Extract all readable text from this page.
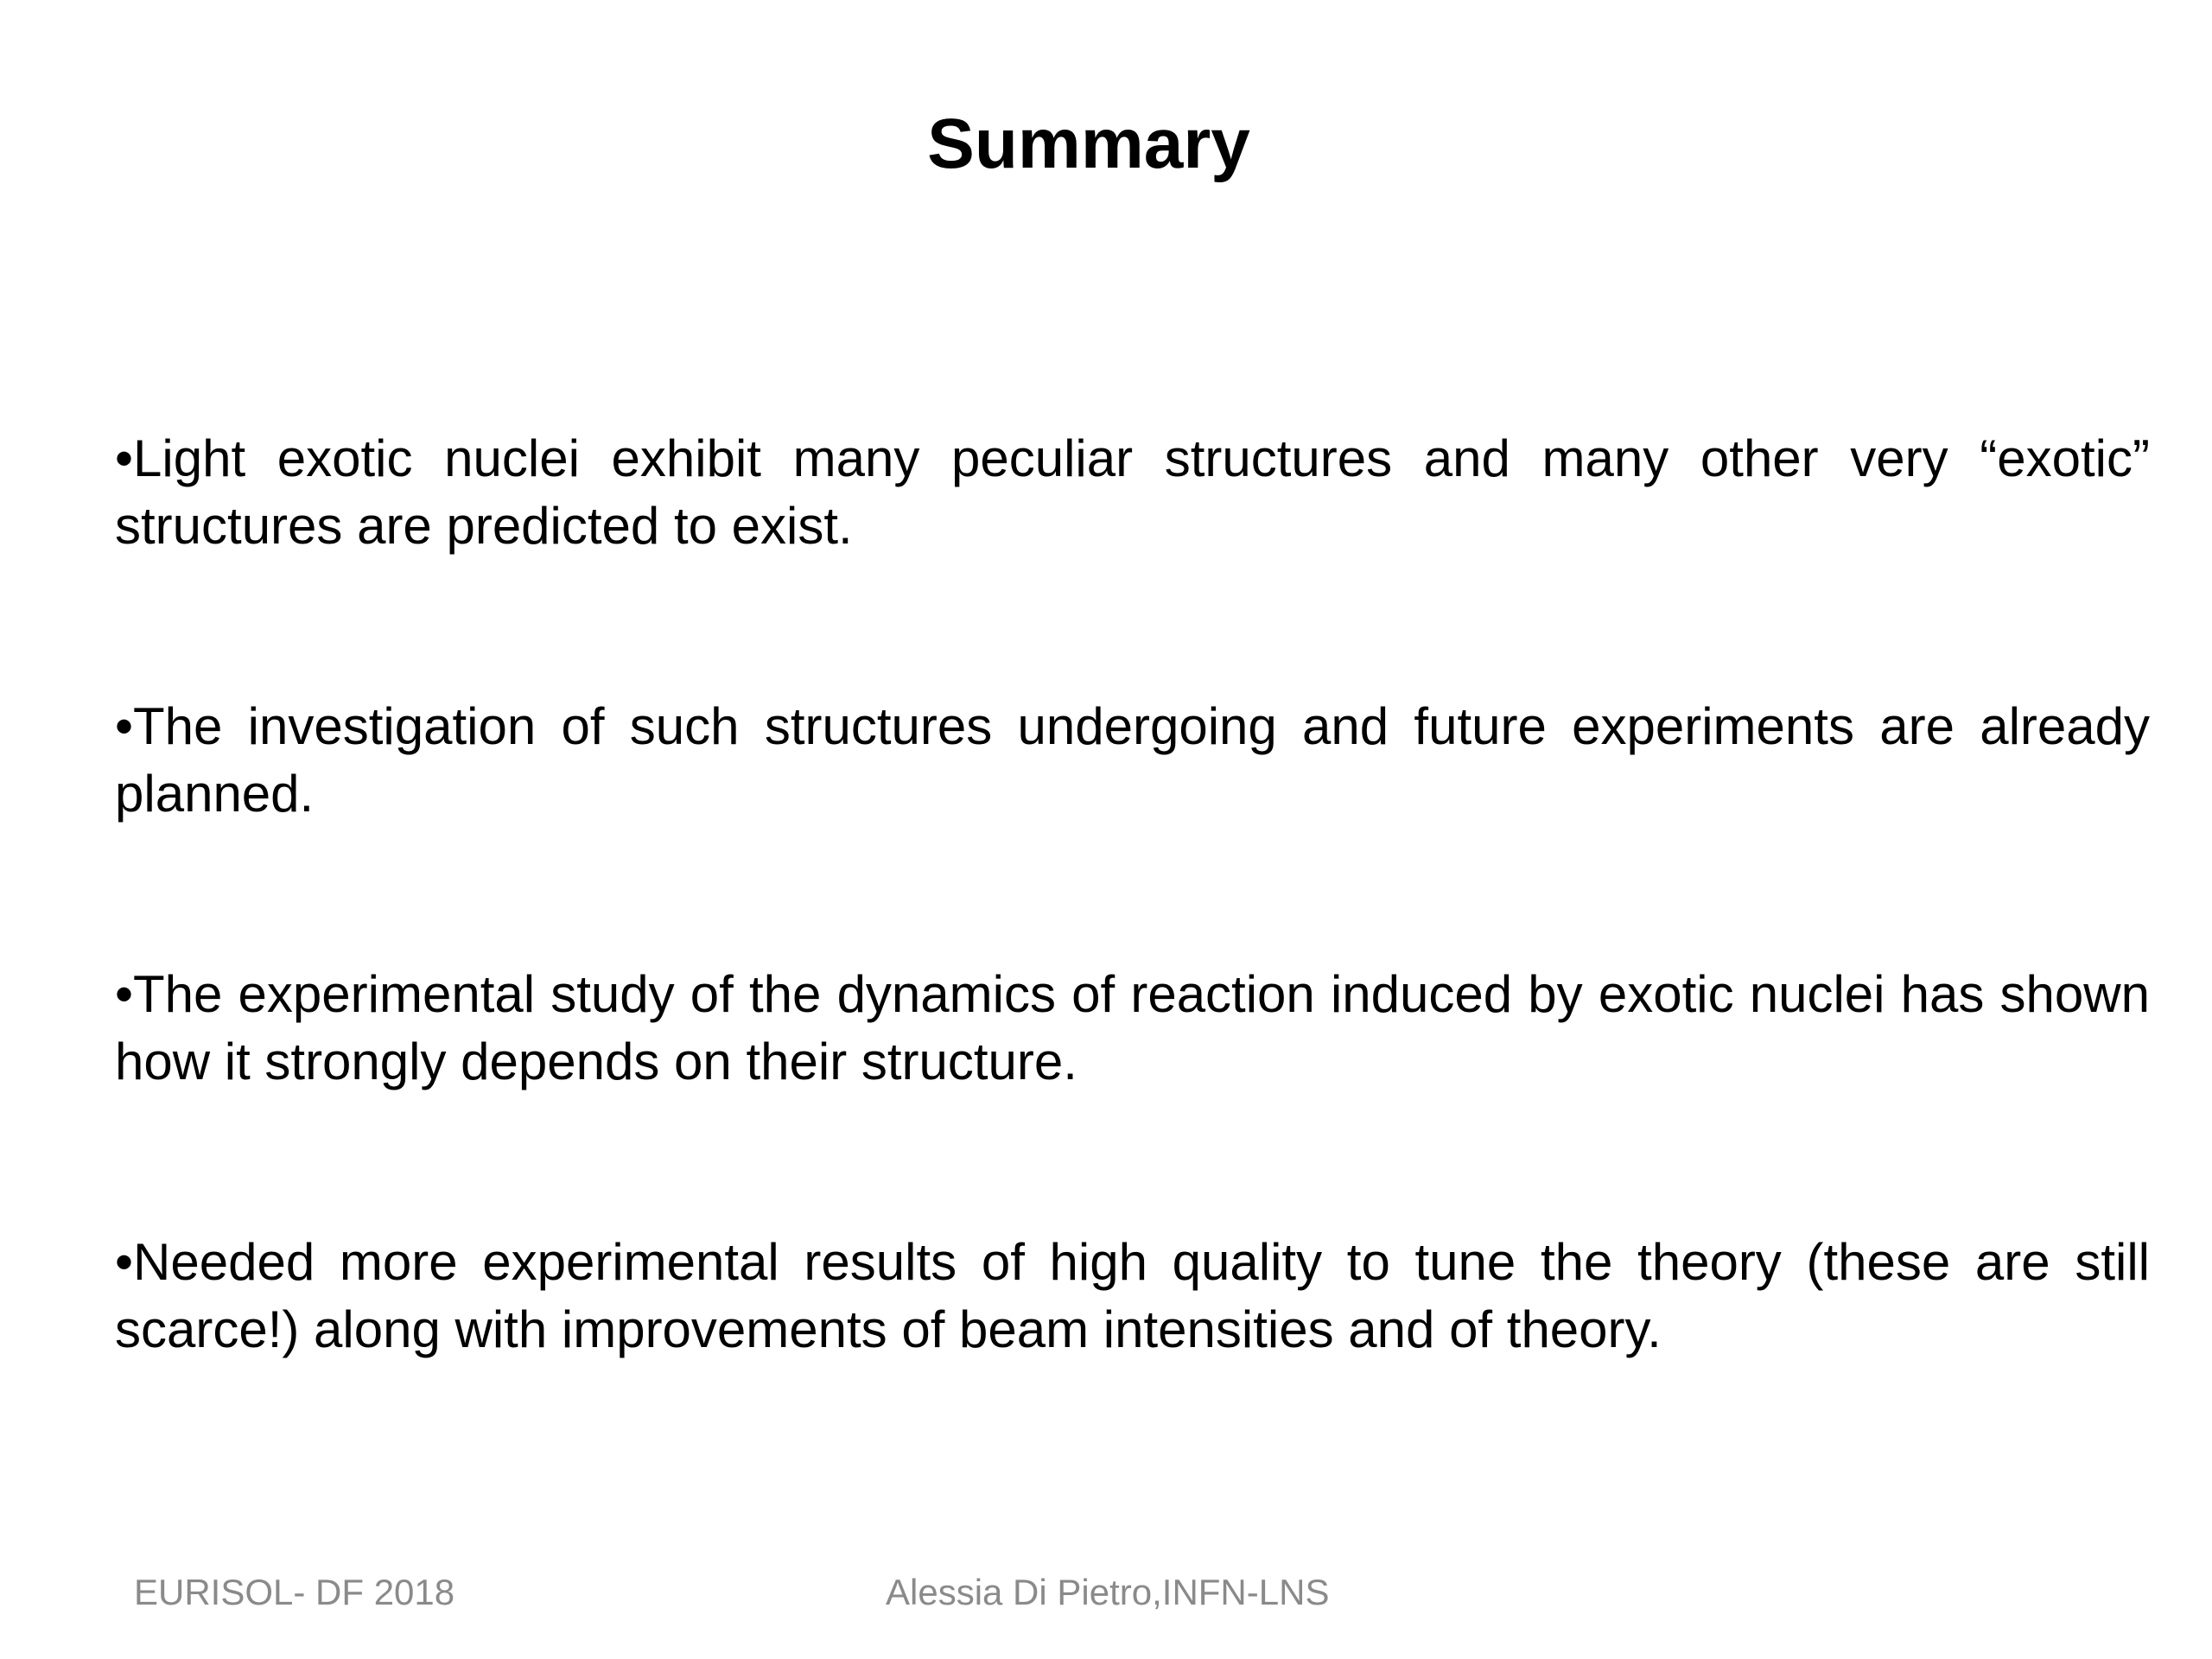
Summary
•Light exotic nuclei exhibit many peculiar structures and many other very “exotic” structures are predicted to exist.
•The investigation of such structures undergoing and future experiments are already planned.
•The experimental study of the dynamics of reaction induced by exotic nuclei has shown how it strongly depends on their structure.
•Needed more experimental results of high quality to tune the theory (these are still scarce!) along with improvements of beam intensities and of theory.
EURISOL- DF 2018	Alessia Di Pietro,INFN-LNS
